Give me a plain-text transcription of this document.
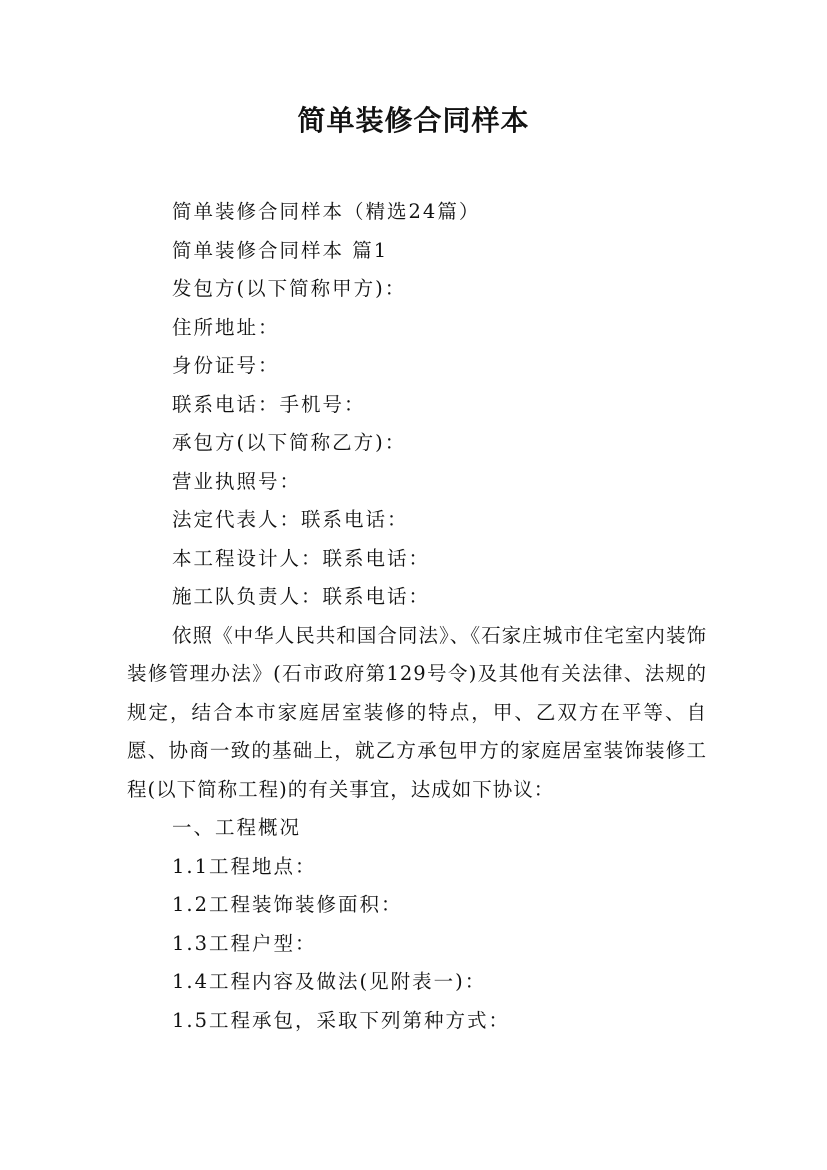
简单装修合同样本

简单装修合同样本（精选24篇）

简单装修合同样本 篇1

发包方(以下简称甲方)：

住所地址：

身份证号：

联系电话：手机号：

承包方(以下简称乙方)：

营业执照号：

法定代表人：联系电话：

本工程设计人：联系电话：

施工队负责人：联系电话：

依照《中华人民共和国合同法》、《石家庄城市住宅室内装饰装修管理办法》(石市政府第129号令)及其他有关法律、法规的规定，结合本市家庭居室装修的特点，甲、乙双方在平等、自愿、协商一致的基础上，就乙方承包甲方的家庭居室装饰装修工程(以下简称工程)的有关事宜，达成如下协议：

一、工程概况

1.1工程地点：

1.2工程装饰装修面积：

1.3工程户型：

1.4工程内容及做法(见附表一)：

1.5工程承包，采取下列第种方式：
